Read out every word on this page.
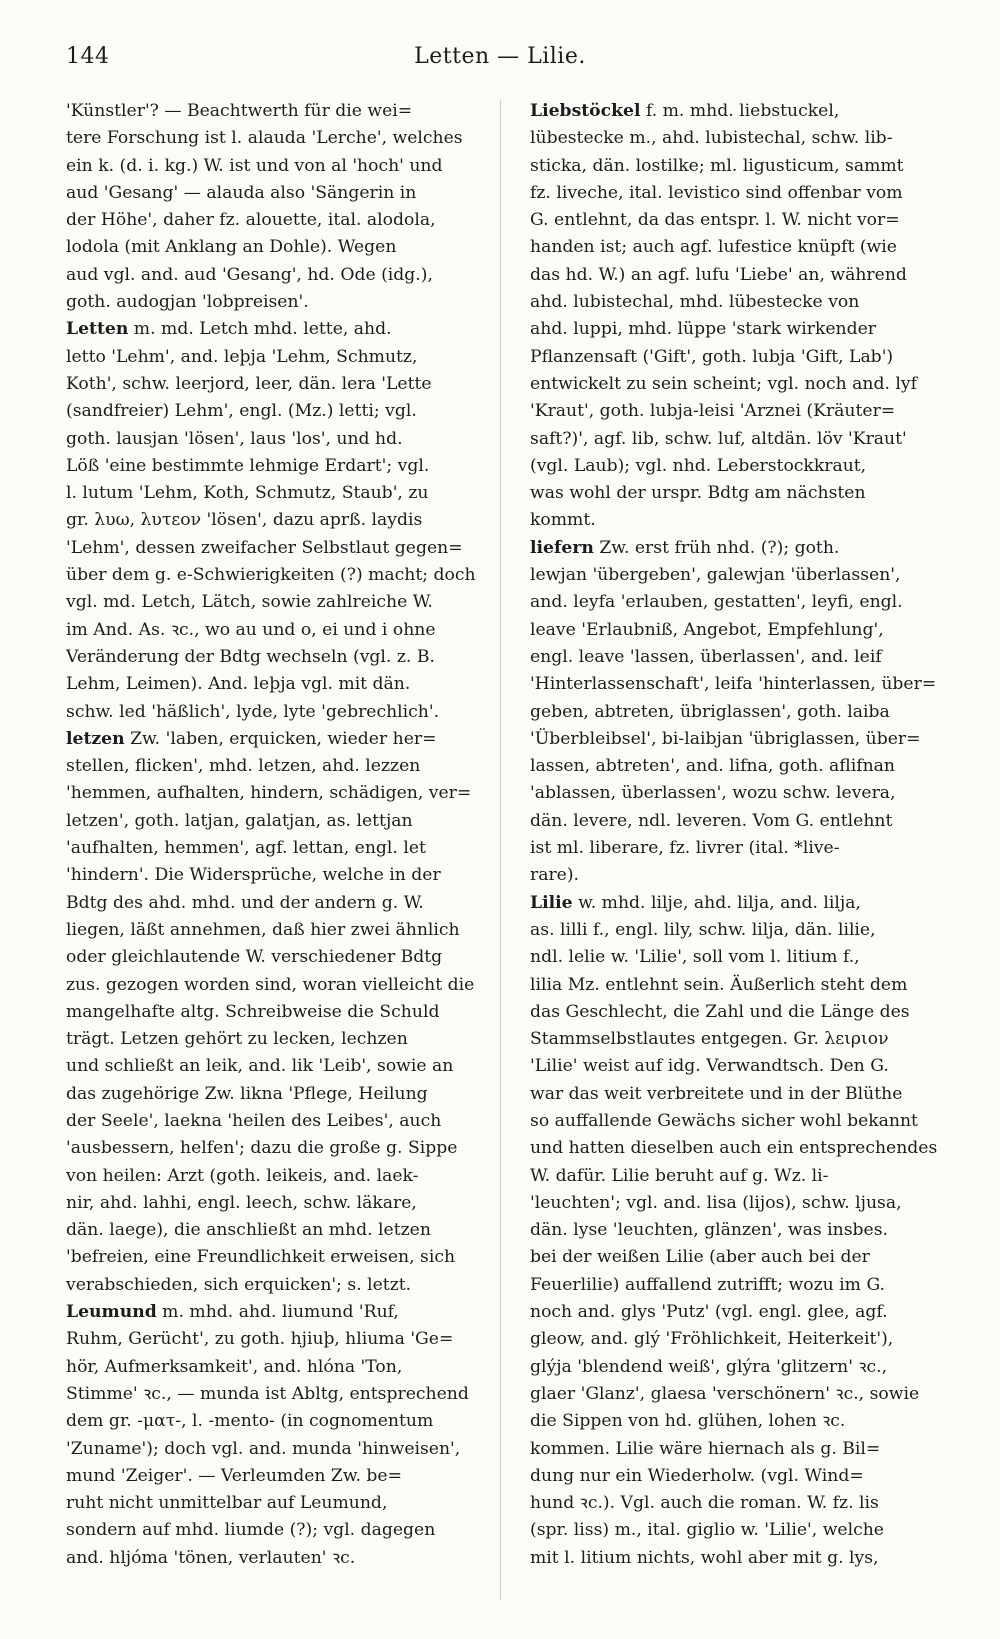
144	Letten — Lilie.
'Künstler'? — Beachtwerth für die wei=
tere Forschung ist l. alauda 'Lerche', welches
ein k. (d. i. kg.) W. ist und von al 'hoch' und
aud 'Gesang' — alauda also 'Sängerin in
der Höhe', daher fz. alouette, ital. alodola,
lodola (mit Anklang an Dohle). Wegen
aud vgl. and. aud 'Gesang', hd. Ode (idg.),
goth. audogjan 'lobpreisen'.
Letten m. md. Letch mhd. lette, ahd.
letto 'Lehm', and. leþja 'Lehm, Schmutz,
Koth', schw. leerjord, leer, dän. lera 'Lette
(sandfreier) Lehm', engl. (Mz.) letti; vgl.
goth. lausjan 'lösen', laus 'los', und hd.
Löß 'eine bestimmte lehmige Erdart'; vgl.
l. lutum 'Lehm, Koth, Schmutz, Staub', zu
gr. λυω, λυτεον 'lösen', dazu aprß. laydis
'Lehm', dessen zweifacher Selbstlaut gegen=
über dem g. e-Schwierigkeiten (?) macht; doch
vgl. md. Letch, Lätch, sowie zahlreiche W.
im And. As. ꝛc., wo au und o, ei und i ohne
Veränderung der Bdtg wechseln (vgl. z. B.
Lehm, Leimen). And. leþja vgl. mit dän.
schw. led 'häßlich', lyde, lyte 'gebrechlich'.
letzen Zw. 'laben, erquicken, wieder her=
stellen, flicken', mhd. letzen, ahd. lezzen
'hemmen, aufhalten, hindern, schädigen, ver=
letzen', goth. latjan, galatjan, as. lettjan
'aufhalten, hemmen', agf. lettan, engl. let
'hindern'. Die Widersprüche, welche in der
Bdtg des ahd. mhd. und der andern g. W.
liegen, läßt annehmen, daß hier zwei ähnlich
oder gleichlautende W. verschiedener Bdtg
zus. gezogen worden sind, woran vielleicht die
mangelhafte altg. Schreibweise die Schuld
trägt. Letzen gehört zu lecken, lechzen
und schließt an leik, and. lik 'Leib', sowie an
das zugehörige Zw. likna 'Pflege, Heilung
der Seele', laekna 'heilen des Leibes', auch
'ausbessern, helfen'; dazu die große g. Sippe
von heilen: Arzt (goth. leikeis, and. laek-
nir, ahd. lahhi, engl. leech, schw. läkare,
dän. laege), die anschließt an mhd. letzen
'befreien, eine Freundlichkeit erweisen, sich
verabschieden, sich erquicken'; s. letzt.
Leumund m. mhd. ahd. liumund 'Ruf,
Ruhm, Gerücht', zu goth. hjiuþ, hliuma 'Ge=
hör, Aufmerksamkeit', and. hlóna 'Ton,
Stimme' ꝛc., — munda ist Abltg, entsprechend
dem gr. -ματ-, l. -mento- (in cognomentum
'Zuname'); doch vgl. and. munda 'hinweisen',
mund 'Zeiger'. — Verleumden Zw. be=
ruht nicht unmittelbar auf Leumund,
sondern auf mhd. liumde (?); vgl. dagegen
and. hljóma 'tönen, verlauten' ꝛc.
Liebstöckel f. m. mhd. liebstuckel,
lübestecke m., ahd. lubistechal, schw. lib-
sticka, dän. lostilke; ml. ligusticum, sammt
fz. liveche, ital. levistico sind offenbar vom
G. entlehnt, da das entspr. l. W. nicht vor=
handen ist; auch agf. lufestice knüpft (wie
das hd. W.) an agf. lufu 'Liebe' an, während
ahd. lubistechal, mhd. lübestecke von
ahd. luppi, mhd. lüppe 'stark wirkender
Pflanzensaft ('Gift', goth. lubja 'Gift, Lab')
entwickelt zu sein scheint; vgl. noch and. lyf
'Kraut', goth. lubja-leisi 'Arznei (Kräuter=
saft?)', agf. lib, schw. luf, altdän. löv 'Kraut'
(vgl. Laub); vgl. nhd. Leberstockkraut,
was wohl der urspr. Bdtg am nächsten
kommt.
liefern Zw. erst früh nhd. (?); goth.
lewjan 'übergeben', galewjan 'überlassen',
and. leyfa 'erlauben, gestatten', leyfi, engl.
leave 'Erlaubniß, Angebot, Empfehlung',
engl. leave 'lassen, überlassen', and. leif
'Hinterlassenschaft', leifa 'hinterlassen, über=
geben, abtreten, übriglassen', goth. laiba
'Überbleibsel', bi-laibjan 'übriglassen, über=
lassen, abtreten', and. lifna, goth. aflifnan
'ablassen, überlassen', wozu schw. levera,
dän. levere, ndl. leveren. Vom G. entlehnt
ist ml. liberare, fz. livrer (ital. *live-
rare).
Lilie w. mhd. lilje, ahd. lilja, and. lilja,
as. lilli f., engl. lily, schw. lilja, dän. lilie,
ndl. lelie w. 'Lilie', soll vom l. litium f.,
lilia Mz. entlehnt sein. Äußerlich steht dem
das Geschlecht, die Zahl und die Länge des
Stammselbstlautes entgegen. Gr. λειριον
'Lilie' weist auf idg. Verwandtsch. Den G.
war das weit verbreitete und in der Blüthe
so auffallende Gewächs sicher wohl bekannt
und hatten dieselben auch ein entsprechendes
W. dafür. Lilie beruht auf g. Wz. li-
'leuchten'; vgl. and. lisa (lijos), schw. ljusa,
dän. lyse 'leuchten, glänzen', was insbes.
bei der weißen Lilie (aber auch bei der
Feuerlilie) auffallend zutrifft; wozu im G.
noch and. glys 'Putz' (vgl. engl. glee, agf.
gleow, and. glý 'Fröhlichkeit, Heiterkeit'),
glýja 'blendend weiß', glýra 'glitzern' ꝛc.,
glaer 'Glanz', glaesa 'verschönern' ꝛc., sowie
die Sippen von hd. glühen, lohen ꝛc.
kommen. Lilie wäre hiernach als g. Bil=
dung nur ein Wiederholw. (vgl. Wind=
hund ꝛc.). Vgl. auch die roman. W. fz. lis
(spr. liss) m., ital. giglio w. 'Lilie', welche
mit l. litium nichts, wohl aber mit g. lys,
